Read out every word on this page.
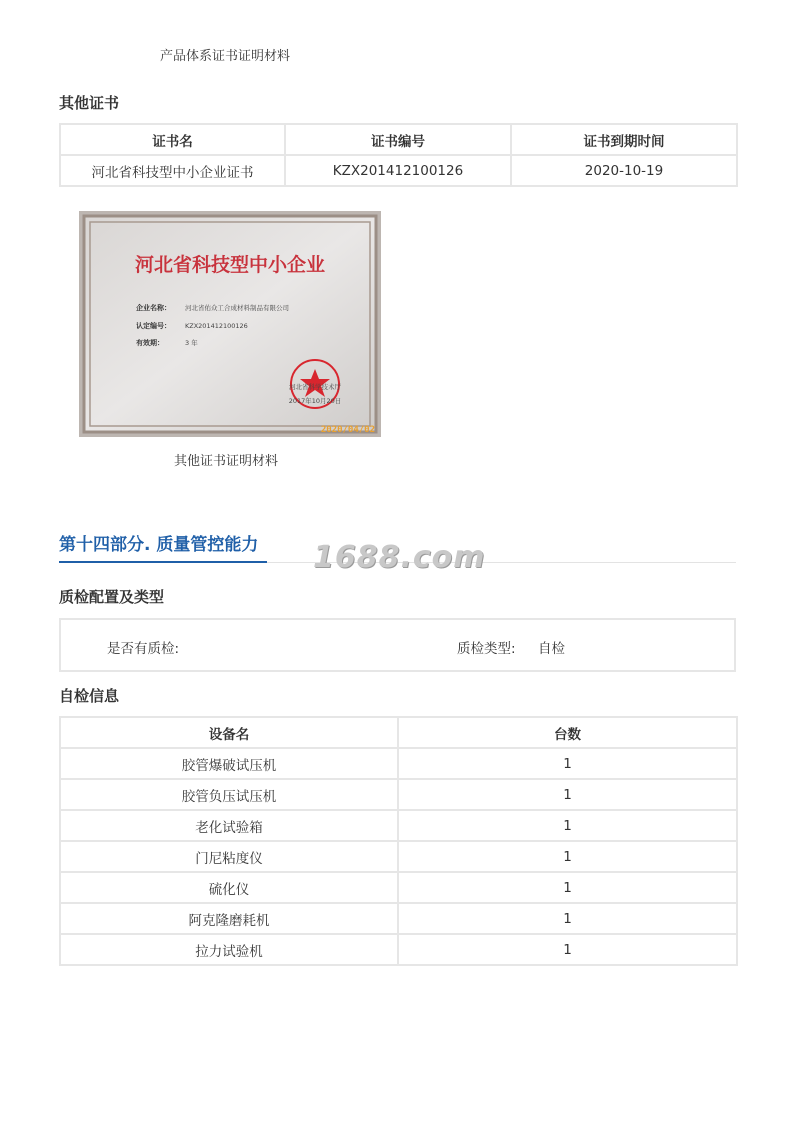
产品体系证书证明材料
其他证书
证书名	证书编号	证书到期时间
河北省科技型中小企业证书	KZX201412100126	2020-10-19
河北省科技型中小企业
企业名称： 河北省佑众工合成材料制品有限公司
认定编号： KZX201412100126
有效期：	3 年
河北省科学技术厅
2017年10月20日
2020/04/02
其他证书证明材料
第十四部分. 质量管控能力 1688.com
质检配置及类型
是否有质检:	质检类型: 自检
自检信息
设备名	台数
胶管爆破试压机	1
胶管负压试压机	1
老化试验箱	1
门尼粘度仪	1
硫化仪	1
阿克隆磨耗机	1
拉力试验机	1
